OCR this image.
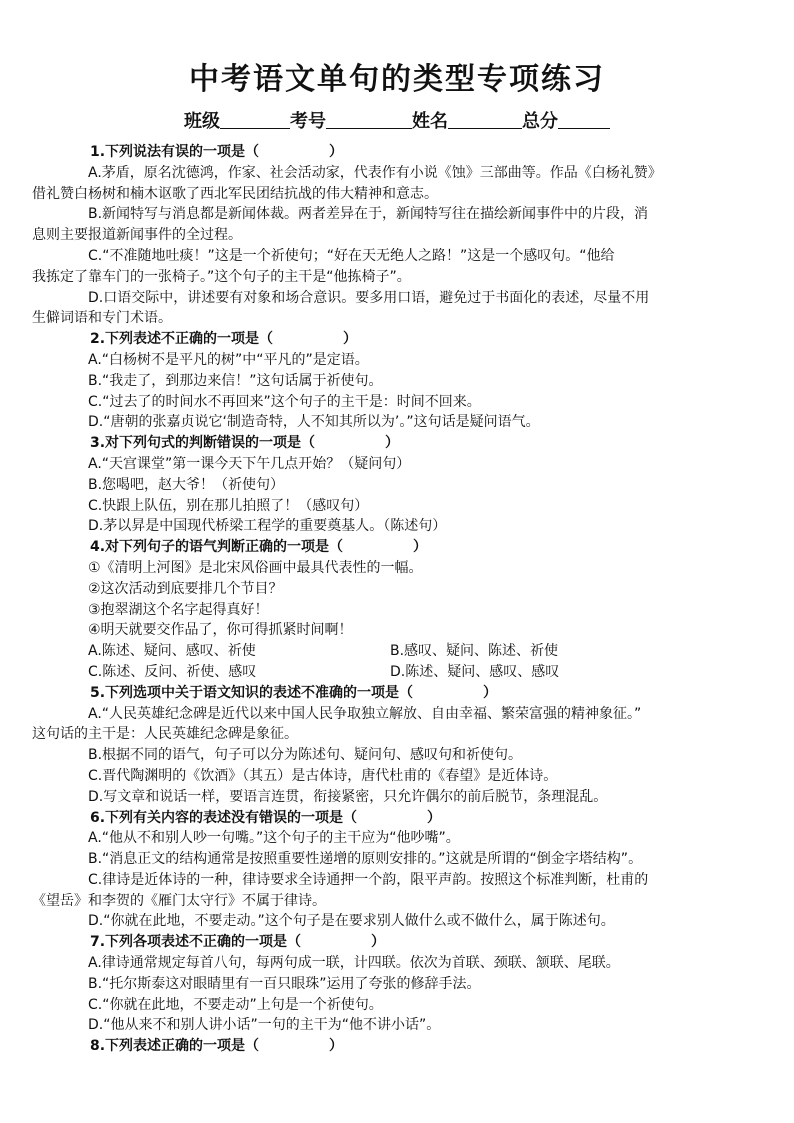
中考语文单句的类型专项练习
班级	考号	姓名	总分
1.下列说法有误的一项是（　　　　　）
A.茅盾，原名沈德鸿，作家、社会活动家，代表作有小说《蚀》三部曲等。作品《白杨礼赞》
借礼赞白杨树和楠木讴歌了西北军民团结抗战的伟大精神和意志。
B.新闻特写与消息都是新闻体裁。两者差异在于，新闻特写往在描绘新闻事件中的片段，消
息则主要报道新闻事件的全过程。
C.“不准随地吐痰！”这是一个祈使句；“好在天无绝人之路！”这是一个感叹句。“他给
我拣定了靠车门的一张椅子。”这个句子的主干是“他拣椅子”。
D.口语交际中，讲述要有对象和场合意识。要多用口语，避免过于书面化的表述，尽量不用
生僻词语和专门术语。
2.下列表述不正确的一项是（　　　　　）
A.“白杨树不是平凡的树”中“平凡的”是定语。
B.“我走了，到那边来信！”这句话属于祈使句。
C.“过去了的时间水不再回来”这个句子的主干是：时间不回来。
D.“唐朝的张嘉贞说它‘制造奇特，人不知其所以为’。”这句话是疑问语气。
3.对下列句式的判断错误的一项是（　　　　　）
A.“天宫课堂”第一课今天下午几点开始？（疑问句）
B.您喝吧，赵大爷！（祈使句）
C.快跟上队伍，别在那儿拍照了！（感叹句）
D.茅以昇是中国现代桥梁工程学的重要奠基人。（陈述句）
4.对下列句子的语气判断正确的一项是（　　　　　）
①《清明上河图》是北宋风俗画中最具代表性的一幅。
②这次活动到底要排几个节目？
③抱翠湖这个名字起得真好！
④明天就要交作品了，你可得抓紧时间啊！
A.陈述、疑问、感叹、祈使	B.感叹、疑问、陈述、祈使
C.陈述、反问、祈使、感叹	D.陈述、疑问、感叹、感叹
5.下列选项中关于语文知识的表述不准确的一项是（　　　　　）
A.“人民英雄纪念碑是近代以来中国人民争取独立解放、自由幸福、繁荣富强的精神象征。”
这句话的主干是：人民英雄纪念碑是象征。
B.根据不同的语气，句子可以分为陈述句、疑问句、感叹句和祈使句。
C.晋代陶渊明的《饮酒》（其五）是古体诗，唐代杜甫的《春望》是近体诗。
D.写文章和说话一样，要语言连贯，衔接紧密，只允许偶尔的前后脱节，条理混乱。
6.下列有关内容的表述没有错误的一项是（　　　　　）
A.“他从不和别人吵一句嘴。”这个句子的主干应为“他吵嘴”。
B.“消息正文的结构通常是按照重要性递增的原则安排的。”这就是所谓的“倒金字塔结构”。
C.律诗是近体诗的一种，律诗要求全诗通押一个韵，限平声韵。按照这个标准判断，杜甫的
《望岳》和李贺的《雁门太守行》不属于律诗。
D.“你就在此地，不要走动。”这个句子是在要求别人做什么或不做什么，属于陈述句。
7.下列各项表述不正确的一项是（　　　　　）
A.律诗通常规定每首八句，每两句成一联，计四联。依次为首联、颈联、颔联、尾联。
B.“托尔斯泰这对眼睛里有一百只眼珠”运用了夸张的修辞手法。
C.“你就在此地，不要走动”上句是一个祈使句。
D.“他从来不和别人讲小话”一句的主干为“他不讲小话”。
8.下列表述正确的一项是（　　　　　）
